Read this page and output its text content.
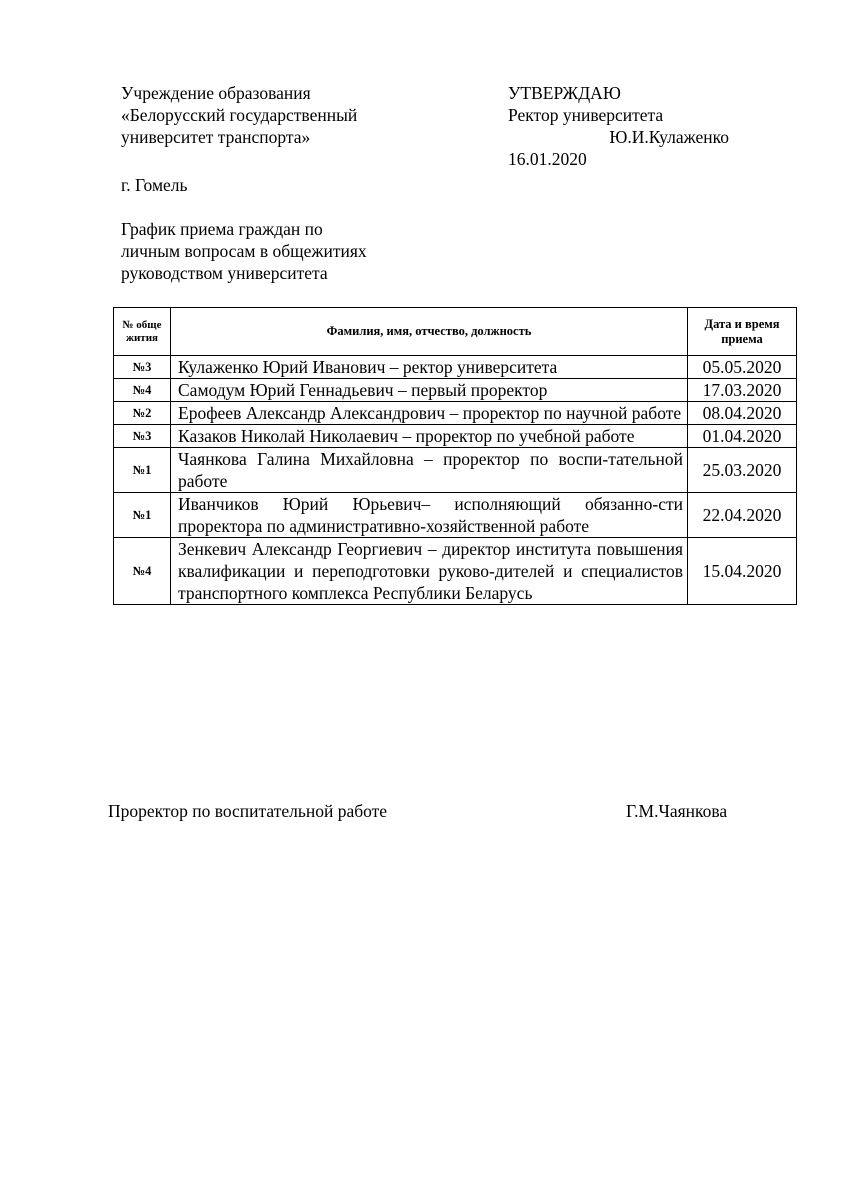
Учреждение образования
«Белорусский государственный
университет транспорта»
УТВЕРЖДАЮ
Ректор университета
Ю.И.Кулаженко
16.01.2020
г. Гомель
График приема граждан по
личным вопросам в общежитиях
руководством университета
№ обще жития	Фамилия, имя, отчество, должность	Дата и время приема
№3	Кулаженко Юрий Иванович – ректор университета	05.05.2020
№4	Самодум Юрий Геннадьевич – первый проректор	17.03.2020
№2	Ерофеев Александр Александрович – проректор по научной работе	08.04.2020
№3	Казаков Николай Николаевич – проректор по учебной работе	01.04.2020
№1	Чаянкова Галина Михайловна – проректор по воспи-тательной работе	25.03.2020
№1	Иванчиков Юрий Юрьевич– исполняющий обязанно-сти проректора по административно-хозяйственной работе	22.04.2020
№4	Зенкевич Александр Георгиевич – директор института повышения квалификации и переподготовки руково-дителей и специалистов транспортного комплекса Республики Беларусь	15.04.2020
Проректор по воспитательной работе	Г.М.Чаянкова
